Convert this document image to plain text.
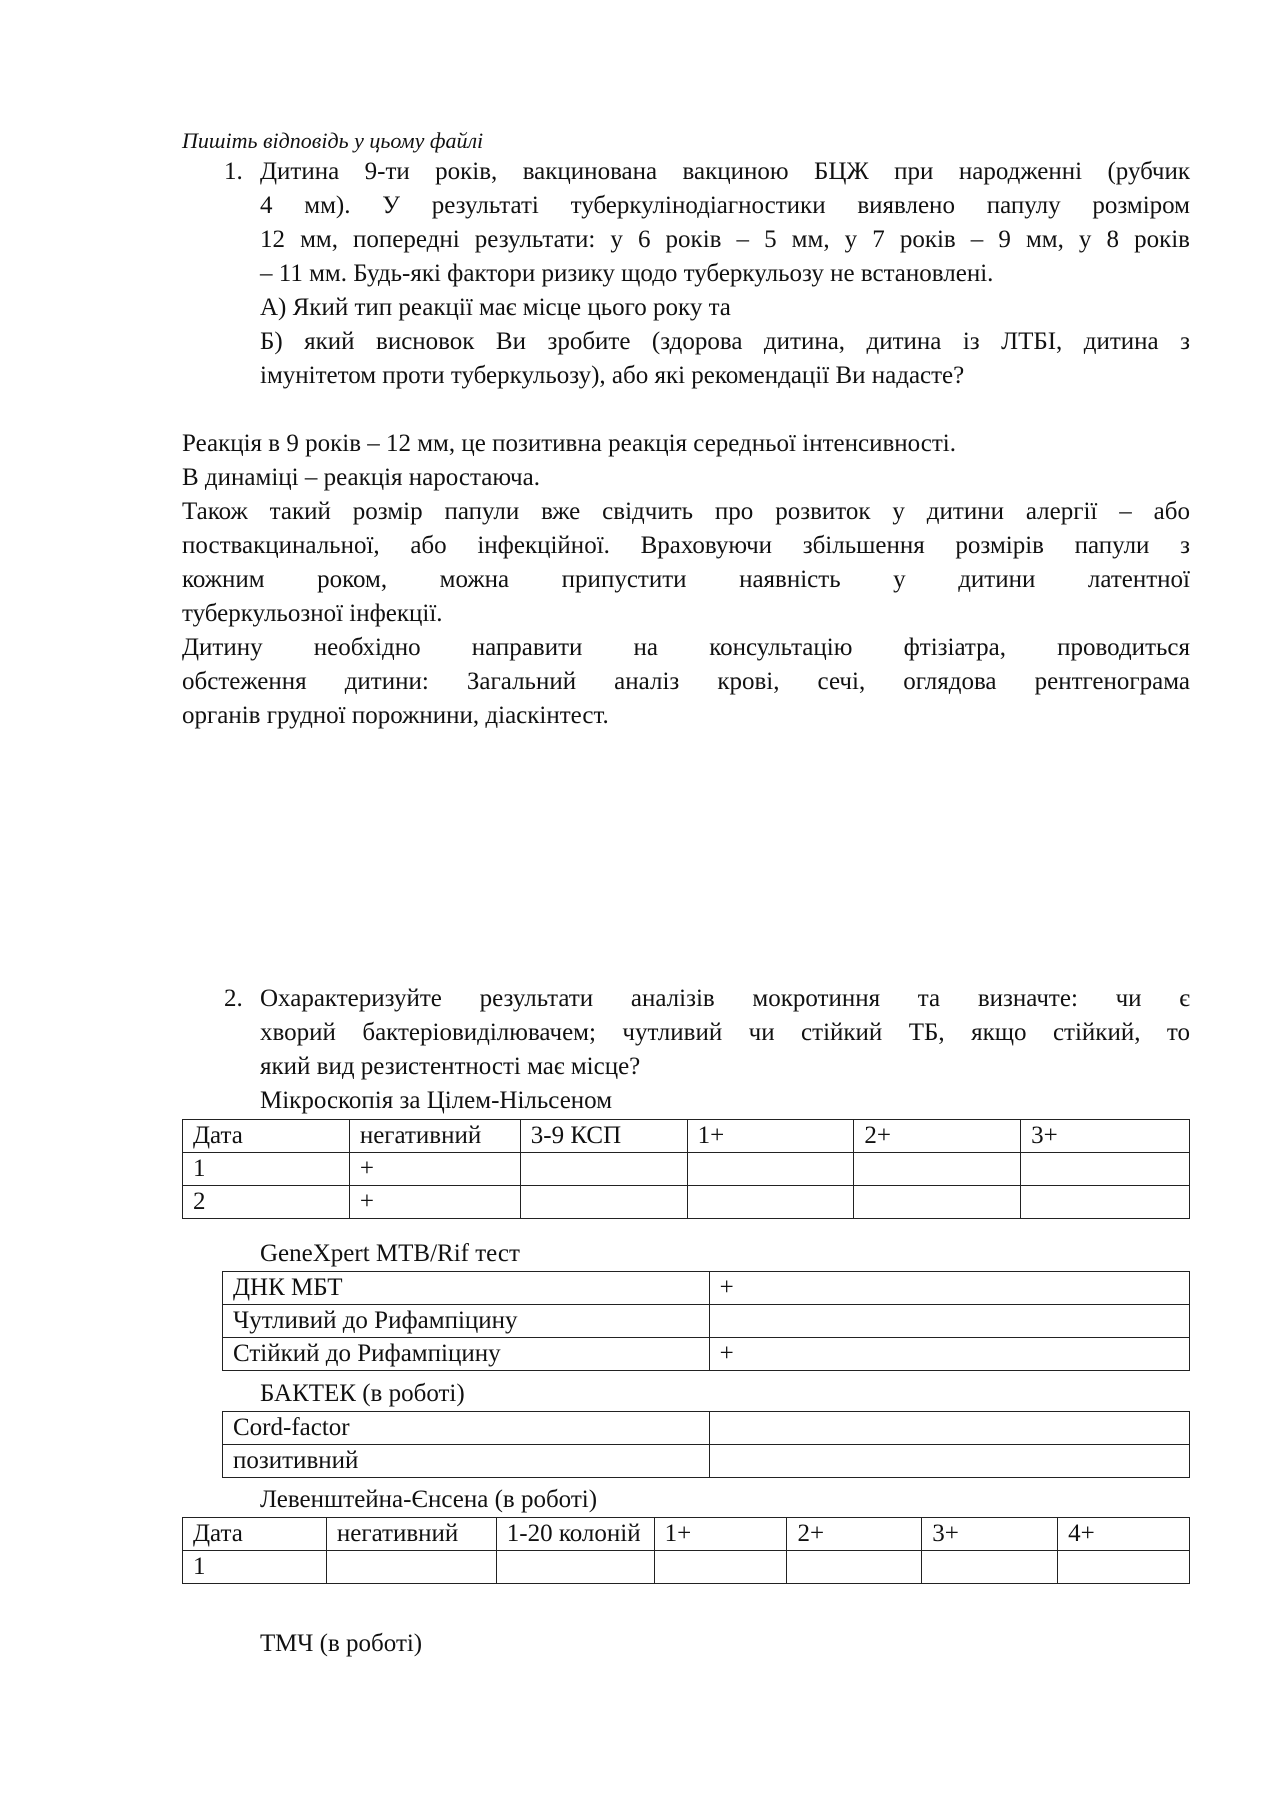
Пишіть відповідь у цьому файлі
1. Дитина 9-ти років, вакцинована вакциною БЦЖ при народженні (рубчик
4 мм). У результаті туберкулінодіагностики виявлено папулу розміром
12 мм, попередні результати: у 6 років – 5 мм, у 7 років – 9 мм, у 8 років
– 11 мм. Будь-які фактори ризику щодо туберкульозу не встановлені.
А) Який тип реакції має місце цього року та
Б) який висновок Ви зробите (здорова дитина, дитина із ЛТБІ, дитина з
імунітетом проти туберкульозу), або які рекомендації Ви надасте?
Реакція в 9 років – 12 мм, це позитивна реакція середньої інтенсивності.
В динаміці – реакція наростаюча.
Також такий розмір папули вже свідчить про розвиток у дитини алергії – або
поствакцинальної, або інфекційної. Враховуючи збільшення розмірів папули з
кожним роком, можна припустити наявність у дитини латентної
туберкульозної інфекції.
Дитину необхідно направити на консультацію фтізіатра, проводиться
обстеження дитини: Загальний аналіз крові, сечі, оглядова рентгенограма
органів грудної порожнини, діаскінтест.
2. Охарактеризуйте результати аналізів мокротиння та визначте: чи є
хворий бактеріовиділювачем; чутливий чи стійкий ТБ, якщо стійкий, то
який вид резистентності має місце?
Мікроскопія за Цілем-Нільсеном
Дата	негативний	3-9 КСП	1+	2+	3+
1	+				
2	+				
GeneXpert MTB/Rif тест
ДНК МБТ	+
Чутливий до Рифампіцину	
Стійкий до Рифампіцину	+
БАКТЕК (в роботі)
Cord-factor	
позитивний	
Левенштейна-Єнсена (в роботі)
Дата	негативний	1-20 колоній	1+	2+	3+	4+
1						
ТМЧ (в роботі)
